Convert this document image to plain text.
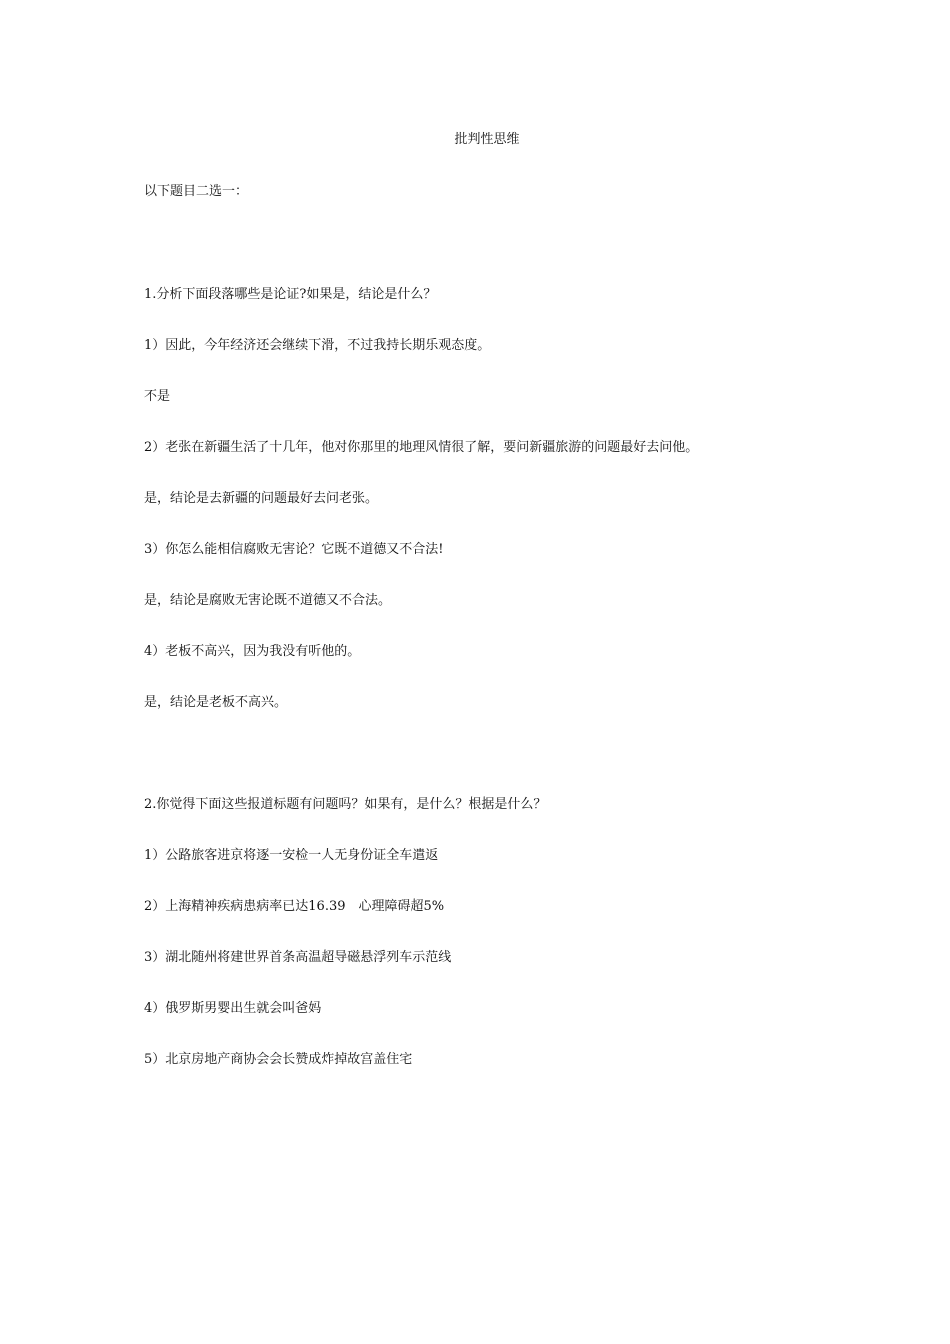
批判性思维
以下题目二选一：
1.分析下面段落哪些是论证?如果是，结论是什么？
1）因此，今年经济还会继续下滑，不过我持长期乐观态度。
不是
2）老张在新疆生活了十几年，他对你那里的地理风情很了解，要问新疆旅游的问题最好去问他。
是，结论是去新疆的问题最好去问老张。
3）你怎么能相信腐败无害论？它既不道德又不合法!
是，结论是腐败无害论既不道德又不合法。
4）老板不高兴，因为我没有听他的。
是，结论是老板不高兴。
2.你觉得下面这些报道标题有问题吗？如果有，是什么？根据是什么？
1）公路旅客进京将逐一安检一人无身份证全车遣返
2）上海精神疾病患病率已达16.39　心理障碍超5%
3）湖北随州将建世界首条高温超导磁悬浮列车示范线
4）俄罗斯男婴出生就会叫爸妈
5）北京房地产商协会会长赞成炸掉故宫盖住宅
